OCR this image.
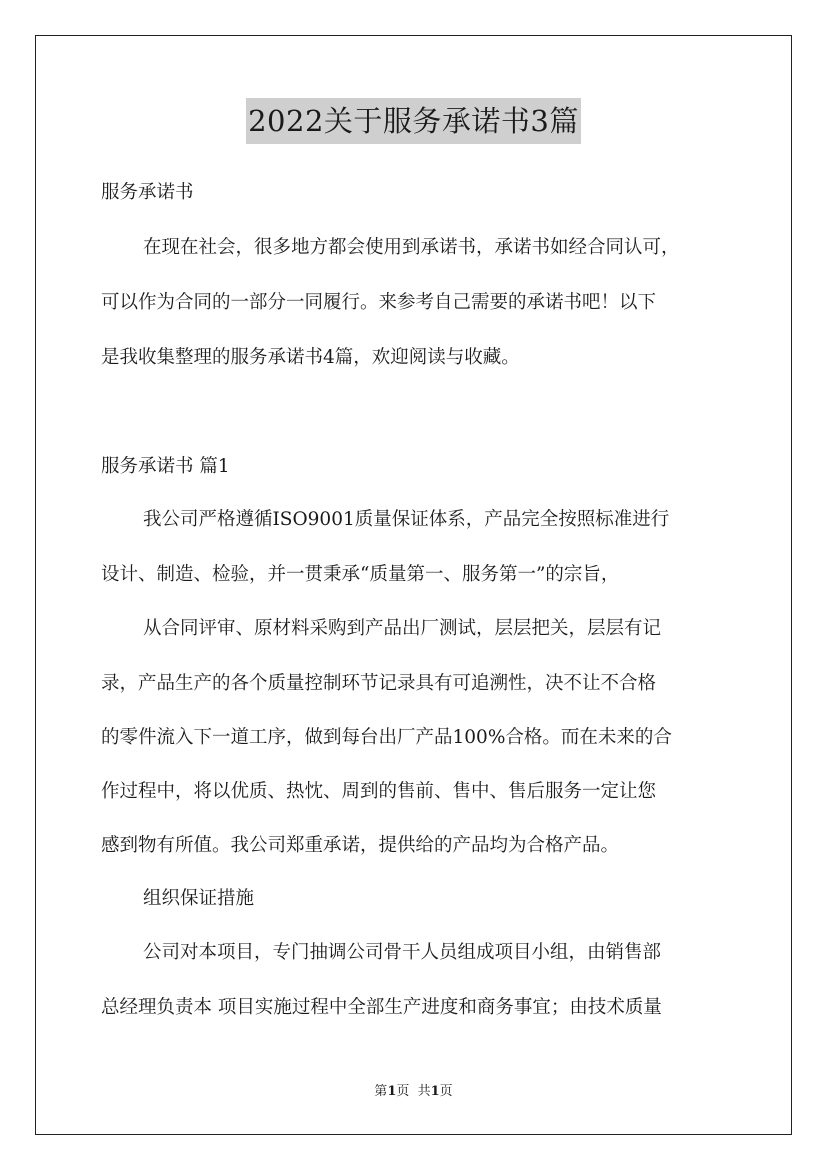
2022关于服务承诺书3篇

服务承诺书

在现在社会，很多地方都会使用到承诺书，承诺书如经合同认可，

可以作为合同的一部分一同履行。来参考自己需要的承诺书吧！以下

是我收集整理的服务承诺书4篇，欢迎阅读与收藏。

服务承诺书 篇1

我公司严格遵循ISO9001质量保证体系，产品完全按照标准进行

设计、制造、检验，并一贯秉承“质量第一、服务第一”的宗旨，

从合同评审、原材料采购到产品出厂测试，层层把关，层层有记

录，产品生产的各个质量控制环节记录具有可追溯性，决不让不合格

的零件流入下一道工序，做到每台出厂产品100%合格。而在未来的合

作过程中，将以优质、热忱、周到的售前、售中、售后服务一定让您

感到物有所值。我公司郑重承诺，提供给的产品均为合格产品。

组织保证措施

公司对本项目，专门抽调公司骨干人员组成项目小组，由销售部

总经理负责本 项目实施过程中全部生产进度和商务事宜；由技术质量

第1页  共1页
